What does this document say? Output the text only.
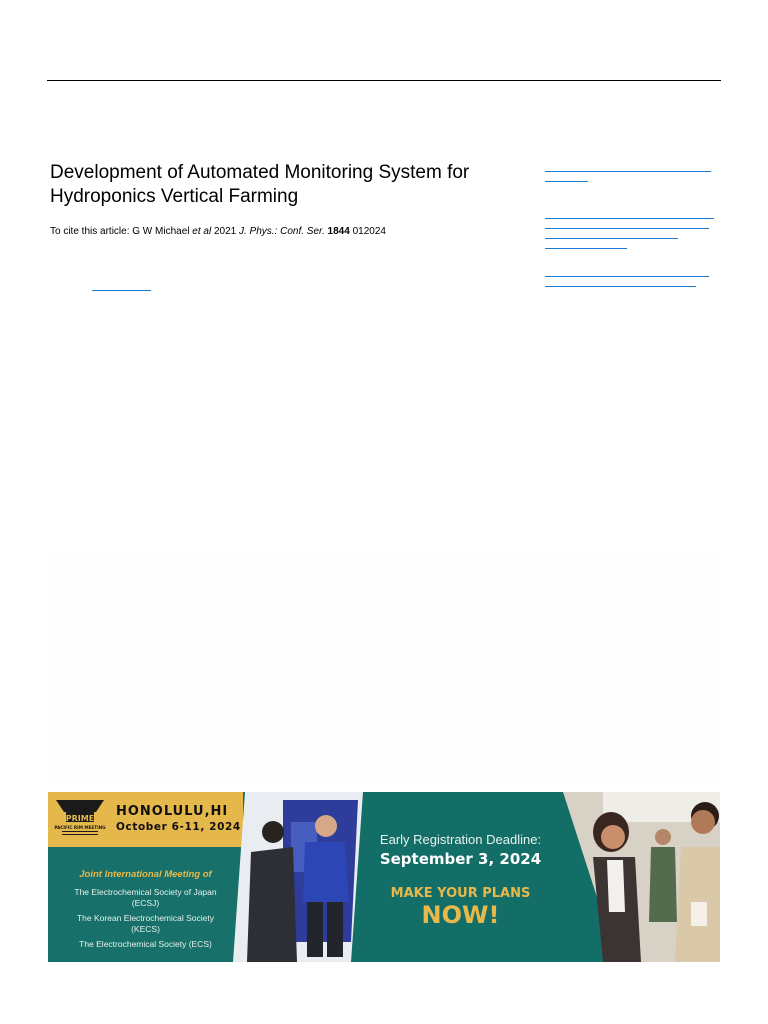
Development of Automated Monitoring System for Hydroponics Vertical Farming
To cite this article: G W Michael et al 2021 J. Phys.: Conf. Ser. 1844 012024
PRIME
PACIFIC RIM MEETING
HONOLULU,HI
October 6-11, 2024
Joint International Meeting of
The Electrochemical Society of Japan
(ECSJ)
The Korean Electrochemical Society
(KECS)
The Electrochemical Society (ECS)
Early Registration Deadline:
September 3, 2024
MAKE YOUR PLANS
NOW!
